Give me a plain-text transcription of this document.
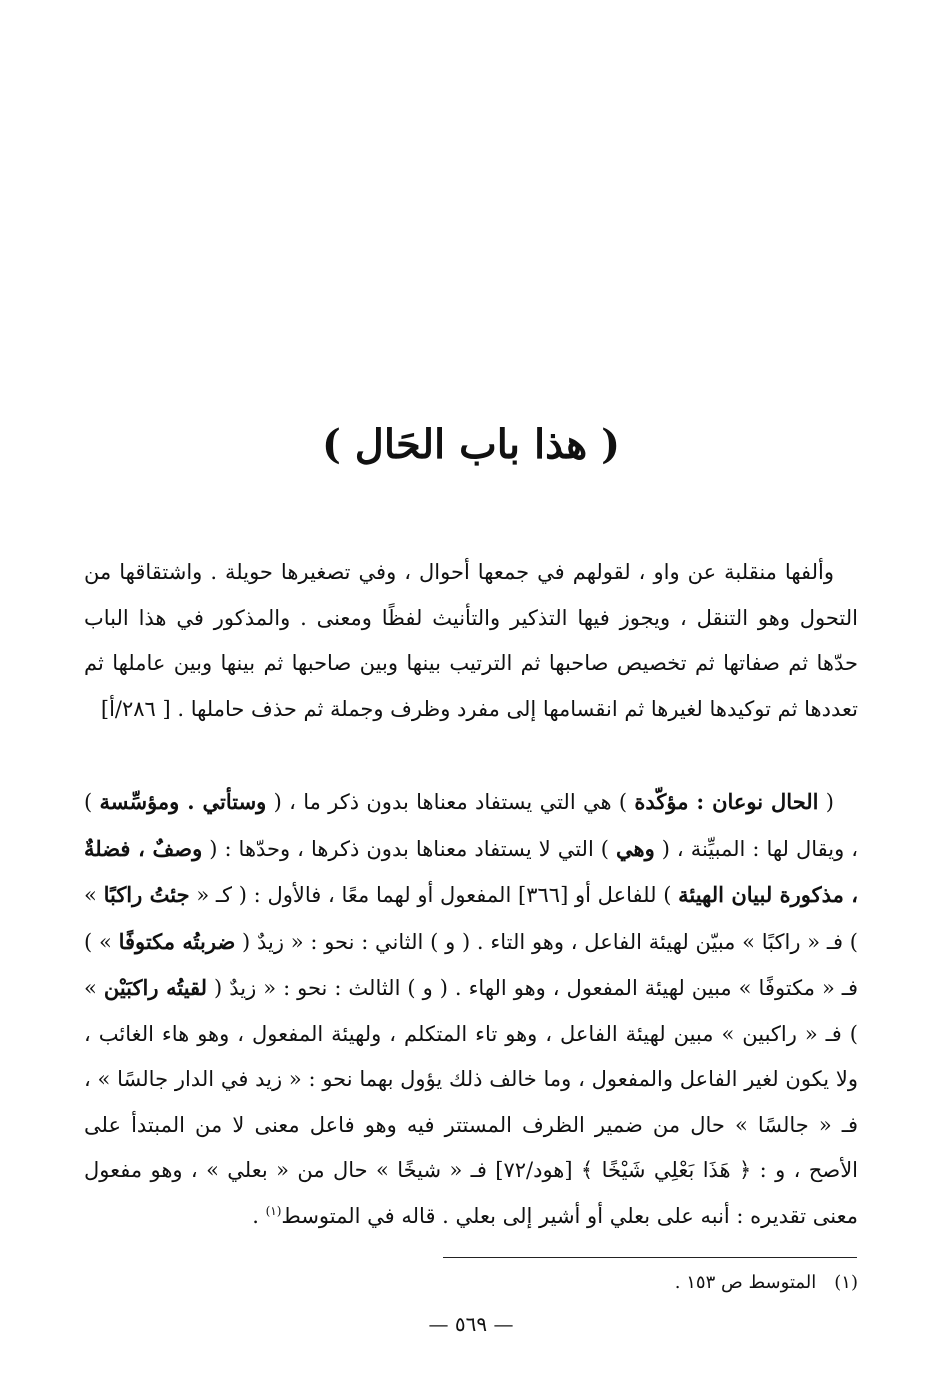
( هذا باب الحَال )

وألفها منقلبة عن واو ، لقولهم في جمعها أحوال ، وفي تصغيرها حويلة . واشتقاقها من التحول وهو التنقل ، ويجوز فيها التذكير والتأنيث لفظًا ومعنى . والمذكور في هذا الباب حدّها ثم صفاتها ثم تخصيص صاحبها ثم الترتيب بينها وبين صاحبها ثم بينها وبين عاملها ثم تعددها ثم توكيدها لغيرها ثم انقسامها إلى مفرد وظرف وجملة ثم حذف حاملها . [ ٢٨٦/أ]

( الحال نوعان : مؤكّدة ) هي التي يستفاد معناها بدون ذكر ما ، ( وستأتي . ومؤسِّسة ) ، ويقال لها : المبيِّنة ، ( وهي ) التي لا يستفاد معناها بدون ذكرها ، وحدّها : ( وصفٌ ، فضلةٌ ، مذكورة لبيان الهيئة ) للفاعل أو [٣٦٦] المفعول أو لهما معًا ، فالأول : ( كـ « جئتُ راكبًا » ) فـ « راكبًا » مبيّن لهيئة الفاعل ، وهو التاء . ( و ) الثاني : نحو : « زيدٌ ( ضربتُه مكتوفًا » ) فـ « مكتوفًا » مبين لهيئة المفعول ، وهو الهاء . ( و ) الثالث : نحو : « زيدٌ ( لقيتُه راكبَيْن » ) فـ « راكبين » مبين لهيئة الفاعل ، وهو تاء المتكلم ، ولهيئة المفعول ، وهو هاء الغائب ، ولا يكون لغير الفاعل والمفعول ، وما خالف ذلك يؤول بهما نحو : « زيد في الدار جالسًا » ، فـ « جالسًا » حال من ضمير الظرف المستتر فيه وهو فاعل معنى لا من المبتدأ على الأصح ، و : ﴿ هَذَا بَعْلِي شَيْخًا ﴾ [هود/٧٢] فـ « شيخًا » حال من « بعلي » ، وهو مفعول معنى تقديره : أنبه على بعلي أو أشير إلى بعلي . قاله في المتوسط$^{(١)}$ .

(١)المتوسط ص ١٥٣ .
— ٥٦٩ —
